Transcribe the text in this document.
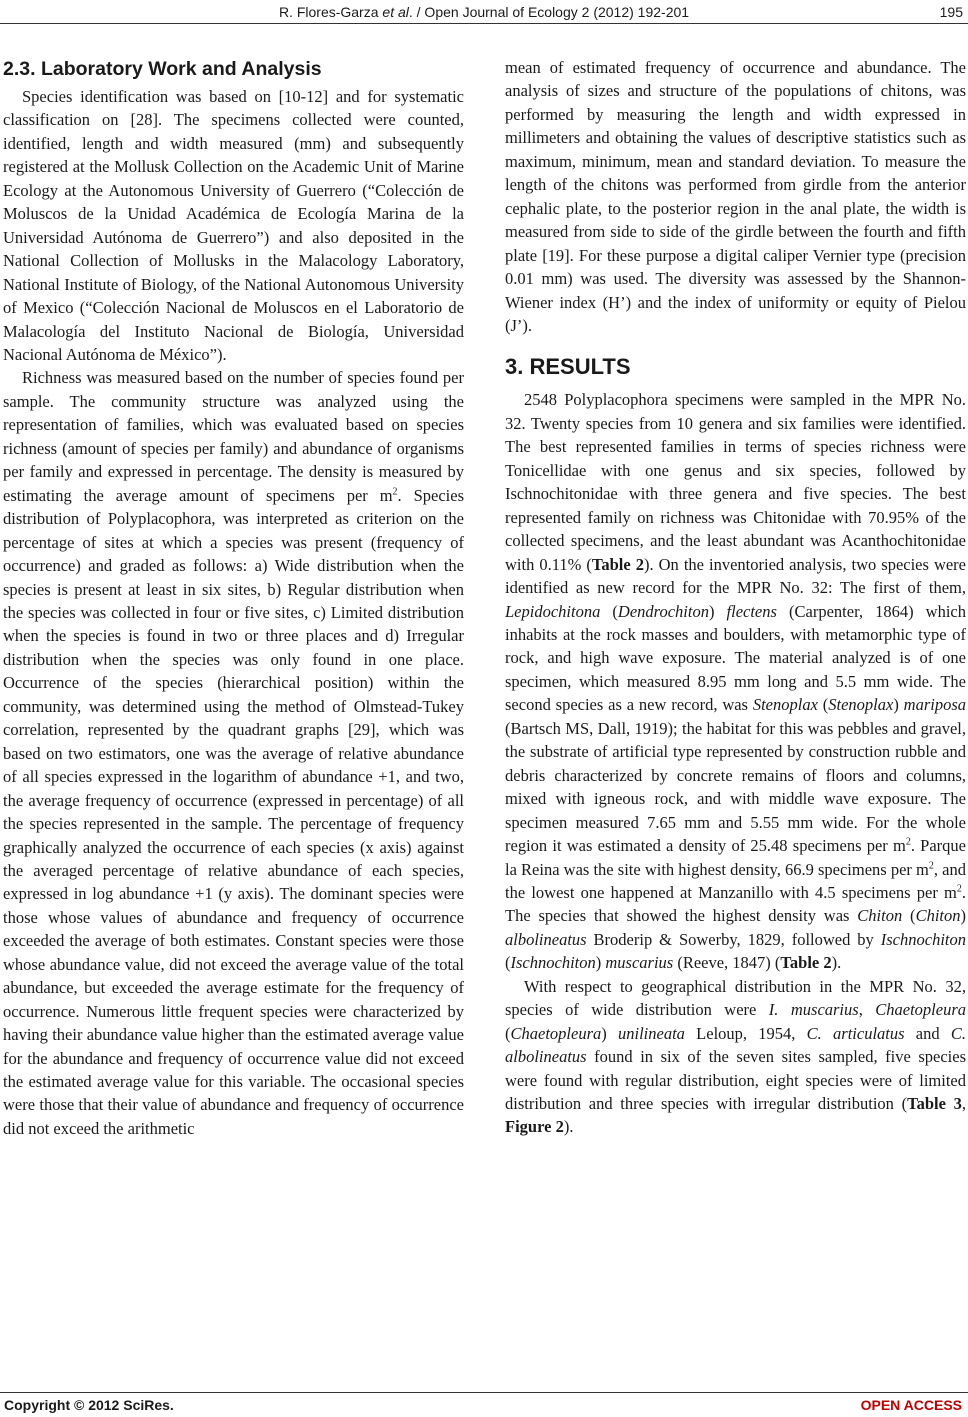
R. Flores-Garza et al. / Open Journal of Ecology 2 (2012) 192-201	195
2.3. Laboratory Work and Analysis

Species identification was based on [10-12] and for systematic classification on [28]. The specimens collected were counted, identified, length and width measured (mm) and subsequently registered at the Mollusk Collection on the Academic Unit of Marine Ecology at the Autonomous University of Guerrero (“Colección de Moluscos de la Unidad Académica de Ecología Marina de la Universidad Autónoma de Guerrero”) and also deposited in the National Collection of Mollusks in the Malacology Laboratory, National Institute of Biology, of the National Autonomous University of Mexico (“Colección Nacional de Moluscos en el Laboratorio de Malacología del Instituto Nacional de Biología, Universidad Nacional Autónoma de México”).

Richness was measured based on the number of species found per sample. The community structure was analyzed using the representation of families, which was evaluated based on species richness (amount of species per family) and abundance of organisms per family and expressed in percentage. The density is measured by estimating the average amount of specimens per $m^2$. Species distribution of Polyplacophora, was interpreted as criterion on the percentage of sites at which a species was present (frequency of occurrence) and graded as follows: a) Wide distribution when the species is present at least in six sites, b) Regular distribution when the species was collected in four or five sites, c) Limited distribution when the species is found in two or three places and d) Irregular distribution when the species was only found in one place. Occurrence of the species (hierarchical position) within the community, was determined using the method of Olmstead-Tukey correlation, represented by the quadrant graphs [29], which was based on two estimators, one was the average of relative abundance of all species expressed in the logarithm of abundance +1, and two, the average frequency of occurrence (expressed in percentage) of all the species represented in the sample. The percentage of frequency graphically analyzed the occurrence of each species (x axis) against the averaged percentage of relative abundance of each species, expressed in log abundance +1 (y axis). The dominant species were those whose values of abundance and frequency of occurrence exceeded the average of both estimates. Constant species were those whose abundance value, did not exceed the average value of the total abundance, but exceeded the average estimate for the frequency of occurrence. Numerous little frequent species were characterized by having their abundance value higher than the estimated average value for the abundance and frequency of occurrence value did not exceed the estimated average value for this variable. The occasional species were those that their value of abundance and frequency of occurrence did not exceed the arithmetic

mean of estimated frequency of occurrence and abundance. The analysis of sizes and structure of the populations of chitons, was performed by measuring the length and width expressed in millimeters and obtaining the values of descriptive statistics such as maximum, minimum, mean and standard deviation. To measure the length of the chitons was performed from girdle from the anterior cephalic plate, to the posterior region in the anal plate, the width is measured from side to side of the girdle between the fourth and fifth plate [19]. For these purpose a digital caliper Vernier type (precision 0.01 mm) was used. The diversity was assessed by the Shannon-Wiener index (H’) and the index of uniformity or equity of Pielou (J’).

3. RESULTS

2548 Polyplacophora specimens were sampled in the MPR No. 32. Twenty species from 10 genera and six families were identified. The best represented families in terms of species richness were Tonicellidae with one genus and six species, followed by Ischnochitonidae with three genera and five species. The best represented family on richness was Chitonidae with 70.95% of the collected specimens, and the least abundant was Acanthochitonidae with 0.11% (Table 2). On the inventoried analysis, two species were identified as new record for the MPR No. 32: The first of them, Lepidochitona (Dendrochiton) flectens (Carpenter, 1864) which inhabits at the rock masses and boulders, with metamorphic type of rock, and high wave exposure. The material analyzed is of one specimen, which measured 8.95 mm long and 5.5 mm wide. The second species as a new record, was Stenoplax (Stenoplax) mariposa (Bartsch MS, Dall, 1919); the habitat for this was pebbles and gravel, the substrate of artificial type represented by construction rubble and debris characterized by concrete remains of floors and columns, mixed with igneous rock, and with middle wave exposure. The specimen measured 7.65 mm and 5.55 mm wide. For the whole region it was estimated a density of 25.48 specimens per $m^2$. Parque la Reina was the site with highest density, 66.9 specimens per $m^2$, and the lowest one happened at Manzanillo with 4.5 specimens per $m^2$. The species that showed the highest density was Chiton (Chiton) albolineatus Broderip & Sowerby, 1829, followed by Ischnochiton (Ischnochiton) muscarius (Reeve, 1847) (Table 2).

With respect to geographical distribution in the MPR No. 32, species of wide distribution were I. muscarius, Chaetopleura (Chaetopleura) unilineata Leloup, 1954, C. articulatus and C. albolineatus found in six of the seven sites sampled, five species were found with regular distribution, eight species were of limited distribution and three species with irregular distribution (Table 3, Figure 2).

Copyright © 2012 SciRes.	OPEN ACCESS
